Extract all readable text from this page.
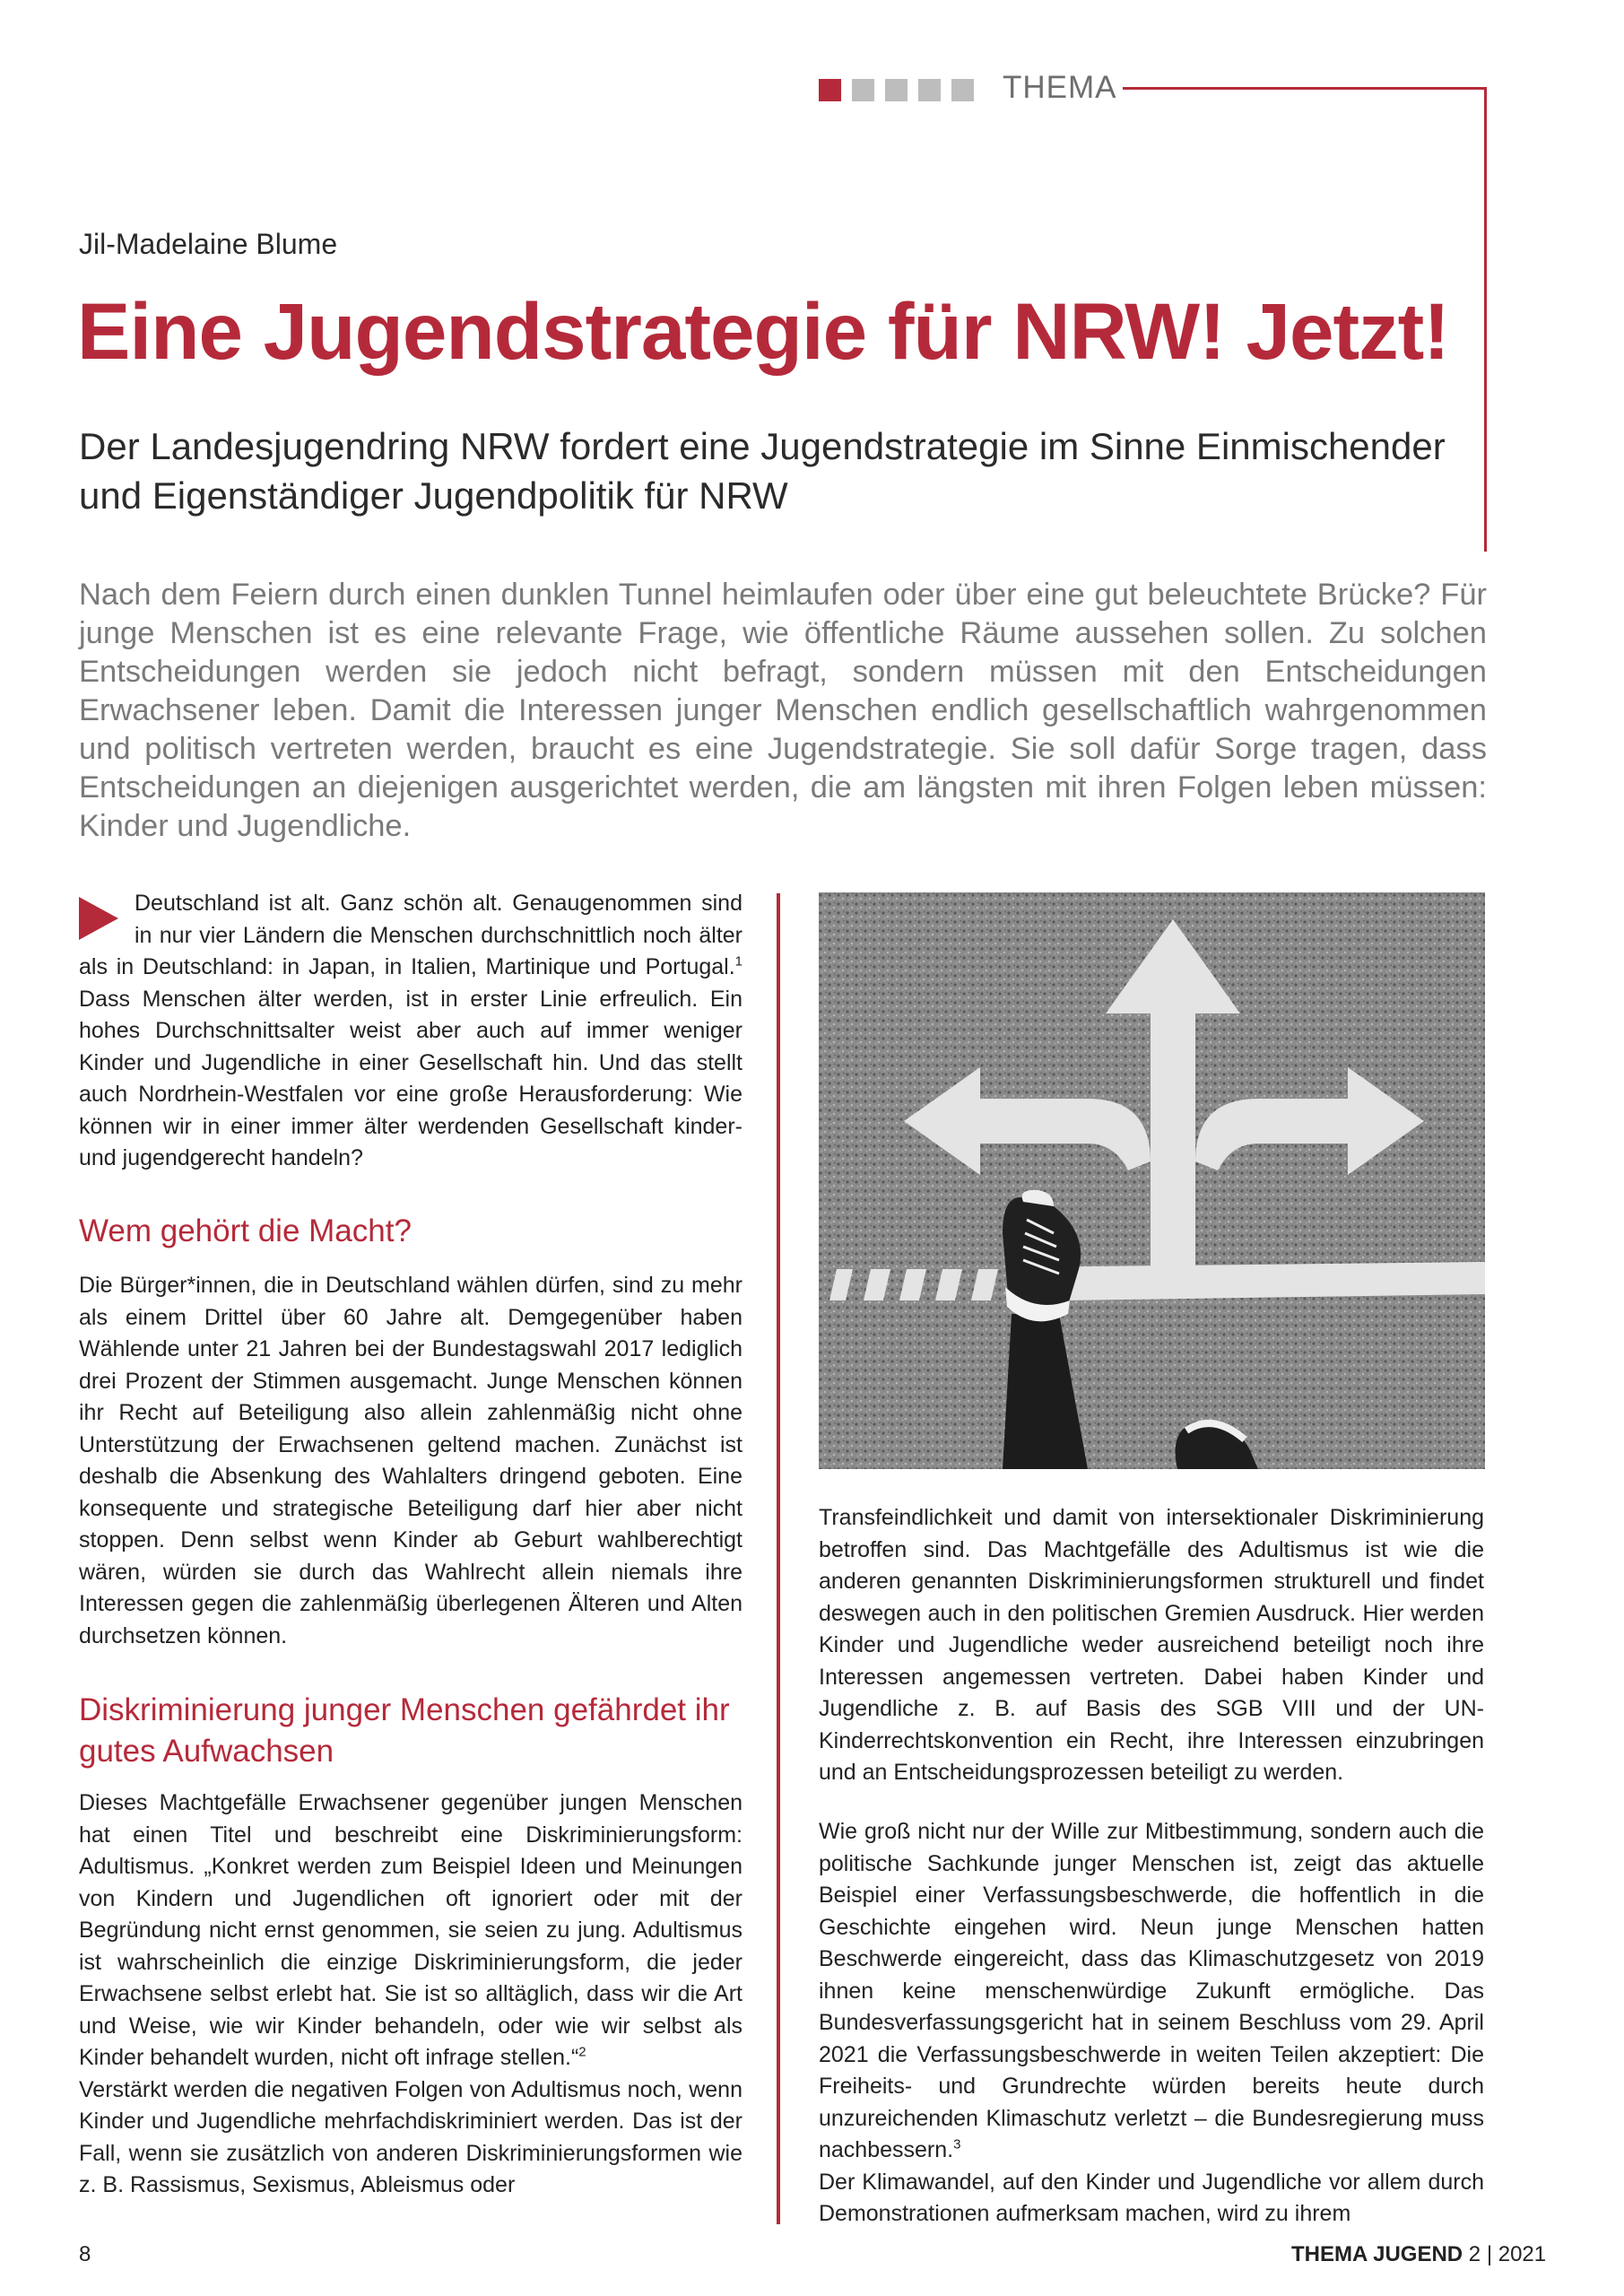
THEMA
Jil-Madelaine Blume
Eine Jugendstrategie für NRW! Jetzt!
Der Landesjugendring NRW fordert eine Jugendstrategie im Sinne Einmischender und Eigenständiger Jugendpolitik für NRW
Nach dem Feiern durch einen dunklen Tunnel heimlaufen oder über eine gut beleuchtete Brücke? Für junge Menschen ist es eine relevante Frage, wie öffentliche Räume aussehen sollen. Zu solchen Entscheidungen werden sie jedoch nicht befragt, sondern müssen mit den Entscheidungen Erwachsener leben. Damit die Interessen junger Menschen endlich gesellschaftlich wahrgenommen und politisch vertreten werden, braucht es eine Jugendstrategie. Sie soll dafür Sorge tragen, dass Entscheidungen an diejenigen ausgerichtet werden, die am längsten mit ihren Folgen leben müssen: Kinder und Jugendliche.
Deutschland ist alt. Ganz schön alt. Genaugenommen sind in nur vier Ländern die Menschen durchschnittlich noch älter als in Deutschland: in Japan, in Italien, Martinique und Portugal.$^1$ Dass Menschen älter werden, ist in erster Linie erfreulich. Ein hohes Durchschnittsalter weist aber auch auf immer weniger Kinder und Jugendliche in einer Gesellschaft hin. Und das stellt auch Nordrhein-Westfalen vor eine große Herausforderung: Wie können wir in einer immer älter werdenden Gesellschaft kinder- und jugendgerecht handeln?
Wem gehört die Macht?
Die Bürger*innen, die in Deutschland wählen dürfen, sind zu mehr als einem Drittel über 60 Jahre alt. Demgegenüber haben Wählende unter 21 Jahren bei der Bundestagswahl 2017 lediglich drei Prozent der Stimmen ausgemacht. Junge Menschen können ihr Recht auf Beteiligung also allein zahlenmäßig nicht ohne Unterstützung der Erwachsenen geltend machen. Zunächst ist deshalb die Absenkung des Wahlalters dringend geboten. Eine konsequente und strategische Beteiligung darf hier aber nicht stoppen. Denn selbst wenn Kinder ab Geburt wahlberechtigt wären, würden sie durch das Wahlrecht allein niemals ihre Interessen gegen die zahlenmäßig überlegenen Älteren und Alten durchsetzen können.
Diskriminierung junger Menschen gefährdet ihr gutes Aufwachsen
Dieses Machtgefälle Erwachsener gegenüber jungen Menschen hat einen Titel und beschreibt eine Diskriminierungsform: Adultismus. „Konkret werden zum Beispiel Ideen und Meinungen von Kindern und Jugendlichen oft ignoriert oder mit der Begründung nicht ernst genommen, sie seien zu jung. Adultismus ist wahrscheinlich die einzige Diskriminierungsform, die jeder Erwachsene selbst erlebt hat. Sie ist so alltäglich, dass wir die Art und Weise, wie wir Kinder behandeln, oder wie wir selbst als Kinder behandelt wurden, nicht oft infrage stellen.“$^2$
Verstärkt werden die negativen Folgen von Adultismus noch, wenn Kinder und Jugendliche mehrfachdiskriminiert werden. Das ist der Fall, wenn sie zusätzlich von anderen Diskriminierungsformen wie z. B. Rassismus, Sexismus, Ableismus oder
Transfeindlichkeit und damit von intersektionaler Diskriminierung betroffen sind. Das Machtgefälle des Adultismus ist wie die anderen genannten Diskriminierungsformen strukturell und findet deswegen auch in den politischen Gremien Ausdruck. Hier werden Kinder und Jugendliche weder ausreichend beteiligt noch ihre Interessen angemessen vertreten. Dabei haben Kinder und Jugendliche z. B. auf Basis des SGB VIII und der UN-Kinderrechtskonvention ein Recht, ihre Interessen einzubringen und an Entscheidungsprozessen beteiligt zu werden.
Wie groß nicht nur der Wille zur Mitbestimmung, sondern auch die politische Sachkunde junger Menschen ist, zeigt das aktuelle Beispiel einer Verfassungsbeschwerde, die hoffentlich in die Geschichte eingehen wird. Neun junge Menschen hatten Beschwerde eingereicht, dass das Klimaschutzgesetz von 2019 ihnen keine menschenwürdige Zukunft ermögliche. Das Bundesverfassungsgericht hat in seinem Beschluss vom 29. April 2021 die Verfassungsbeschwerde in weiten Teilen akzeptiert: Die Freiheits- und Grundrechte würden bereits heute durch unzureichenden Klimaschutz verletzt – die Bundesregierung muss nachbessern.$^3$
Der Klimawandel, auf den Kinder und Jugendliche vor allem durch Demonstrationen aufmerksam machen, wird zu ihrem
8	THEMA JUGEND 2 | 2021
